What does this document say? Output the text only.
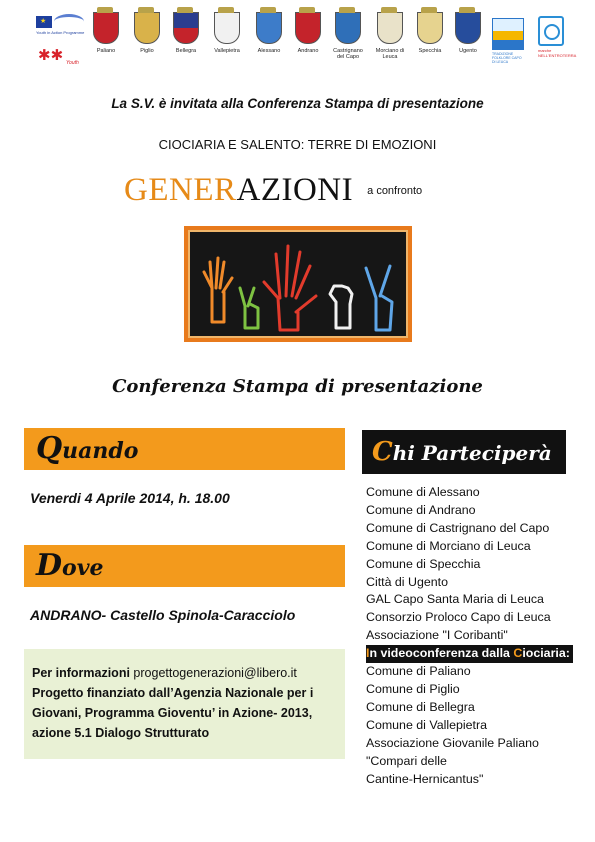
★
Youth in Action Programme
✱✱ Youth
Paliano	Piglio	Bellegra	Vallepietra	Alessano	Andrano	Castrignano del Capo
Morciano di Leuca
Specchia	Ugento	TRADIZIONE FOLKLORE CAPO DI LEUCA
marche NELL'ENTROTERRA
La S.V. è invitata alla Conferenza Stampa di presentazione
CIOCIARIA E SALENTO: TERRE DI EMOZIONI
GENERAZIONI $^{a confronto}$
Conferenza Stampa di presentazione
Quando
Venerdi 4 Aprile 2014, h. 18.00
Dove
ANDRANO- Castello Spinola-Caracciolo
Per informazioni progettogenerazioni@libero.it
Progetto finanziato dall’Agenzia Nazionale per i Giovani, Programma Gioventu’ in Azione- 2013, azione 5.1 Dialogo Strutturato
Chi Parteciperà
Comune di Alessano
Comune di Andrano
Comune di Castrignano del Capo
Comune di Morciano di Leuca
Comune di Specchia
Città di Ugento
GAL Capo Santa Maria di Leuca
Consorzio Proloco Capo di Leuca
Associazione "I Coribanti"
In videoconferenza dalla Ciociaria:
Comune di Paliano
Comune di Piglio
Comune di Bellegra
Comune di Vallepietra
Associazione Giovanile Paliano
"Compari delle
Cantine-Hernicantus"
